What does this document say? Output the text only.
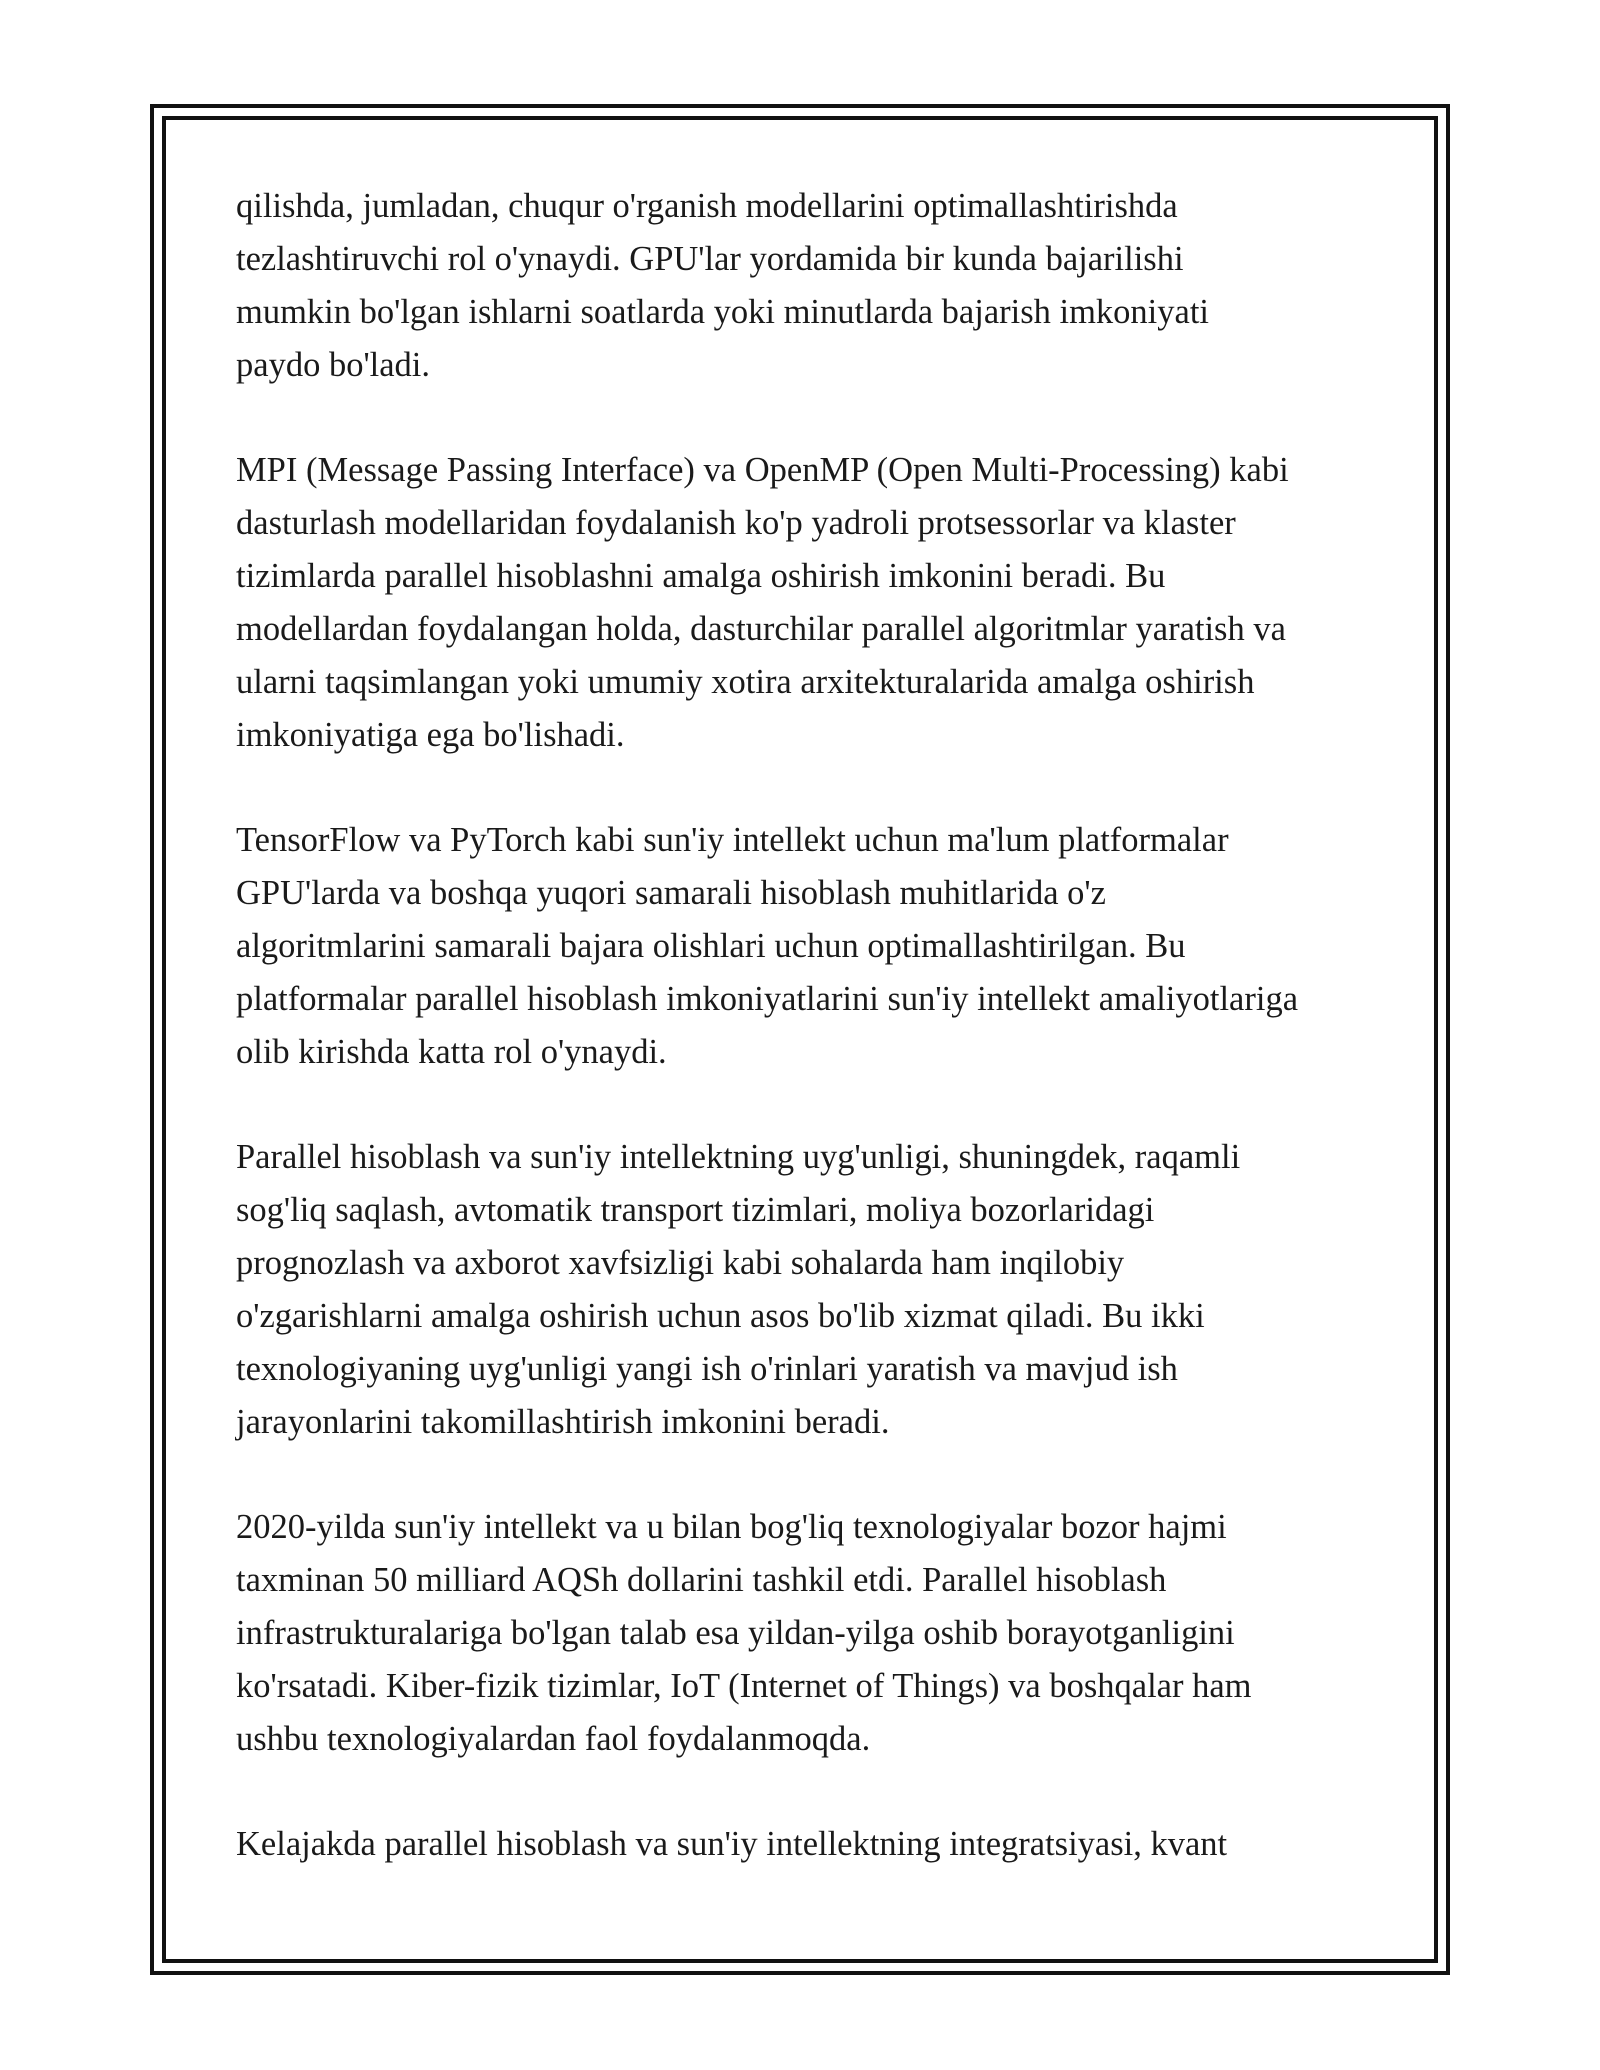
qilishda, jumladan, chuqur o'rganish modellarini optimallashtirishda
tezlashtiruvchi rol o'ynaydi. GPU'lar yordamida bir kunda bajarilishi
mumkin bo'lgan ishlarni soatlarda yoki minutlarda bajarish imkoniyati
paydo bo'ladi.

MPI (Message Passing Interface) va OpenMP (Open Multi-Processing) kabi
dasturlash modellaridan foydalanish ko'p yadroli protsessorlar va klaster
tizimlarda parallel hisoblashni amalga oshirish imkonini beradi. Bu
modellardan foydalangan holda, dasturchilar parallel algoritmlar yaratish va
ularni taqsimlangan yoki umumiy xotira arxitekturalarida amalga oshirish
imkoniyatiga ega bo'lishadi.

TensorFlow va PyTorch kabi sun'iy intellekt uchun ma'lum platformalar
GPU'larda va boshqa yuqori samarali hisoblash muhitlarida o'z
algoritmlarini samarali bajara olishlari uchun optimallashtirilgan. Bu
platformalar parallel hisoblash imkoniyatlarini sun'iy intellekt amaliyotlariga
olib kirishda katta rol o'ynaydi.

Parallel hisoblash va sun'iy intellektning uyg'unligi, shuningdek, raqamli
sog'liq saqlash, avtomatik transport tizimlari, moliya bozorlaridagi
prognozlash va axborot xavfsizligi kabi sohalarda ham inqilobiy
o'zgarishlarni amalga oshirish uchun asos bo'lib xizmat qiladi. Bu ikki
texnologiyaning uyg'unligi yangi ish o'rinlari yaratish va mavjud ish
jarayonlarini takomillashtirish imkonini beradi.

2020-yilda sun'iy intellekt va u bilan bog'liq texnologiyalar bozor hajmi
taxminan 50 milliard AQSh dollarini tashkil etdi. Parallel hisoblash
infrastrukturalariga bo'lgan talab esa yildan-yilga oshib borayotganligini
ko'rsatadi. Kiber-fizik tizimlar, IoT (Internet of Things) va boshqalar ham
ushbu texnologiyalardan faol foydalanmoqda.

Kelajakda parallel hisoblash va sun'iy intellektning integratsiyasi, kvant
